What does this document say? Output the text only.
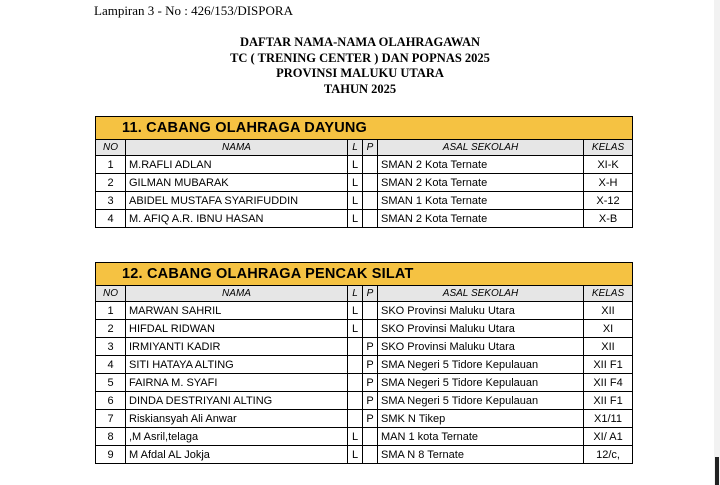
Lampiran 3 - No : 426/153/DISPORA
DAFTAR NAMA-NAMA OLAHRAGAWAN
TC ( TRENING CENTER ) DAN POPNAS 2025
PROVINSI MALUKU UTARA
TAHUN 2025
11. CABANG OLAHRAGA DAYUNG					
NO	NAMA	L	P	ASAL SEKOLAH	KELAS
1	M.RAFLI ADLAN	L		SMAN 2 Kota Ternate	XI-K
2	GILMAN MUBARAK	L		SMAN 2 Kota Ternate	X-H
3	ABIDEL MUSTAFA SYARIFUDDIN	L		SMAN 1 Kota Ternate	X-12
4	M. AFIQ A.R. IBNU HASAN	L		SMAN 2 Kota Ternate	X-B
12. CABANG OLAHRAGA PENCAK SILAT					
NO	NAMA	L	P	ASAL SEKOLAH	KELAS
1	MARWAN SAHRIL	L		SKO Provinsi Maluku Utara	XII
2	HIFDAL RIDWAN	L		SKO Provinsi Maluku Utara	XI
3	IRMIYANTI KADIR		P	SKO Provinsi Maluku Utara	XII
4	SITI HATAYA ALTING		P	SMA Negeri 5 Tidore Kepulauan	XII F1
5	FAIRNA M. SYAFI		P	SMA Negeri 5 Tidore Kepulauan	XII F4
6	DINDA DESTRIYANI ALTING		P	SMA Negeri 5 Tidore Kepulauan	XII F1
7	Riskiansyah Ali Anwar		P	SMK N Tikep	X1/11
8	,M Asril,telaga	L		MAN 1 kota Ternate	XI/ A1
9	M Afdal AL Jokja	L		SMA N 8 Ternate	12/c,
